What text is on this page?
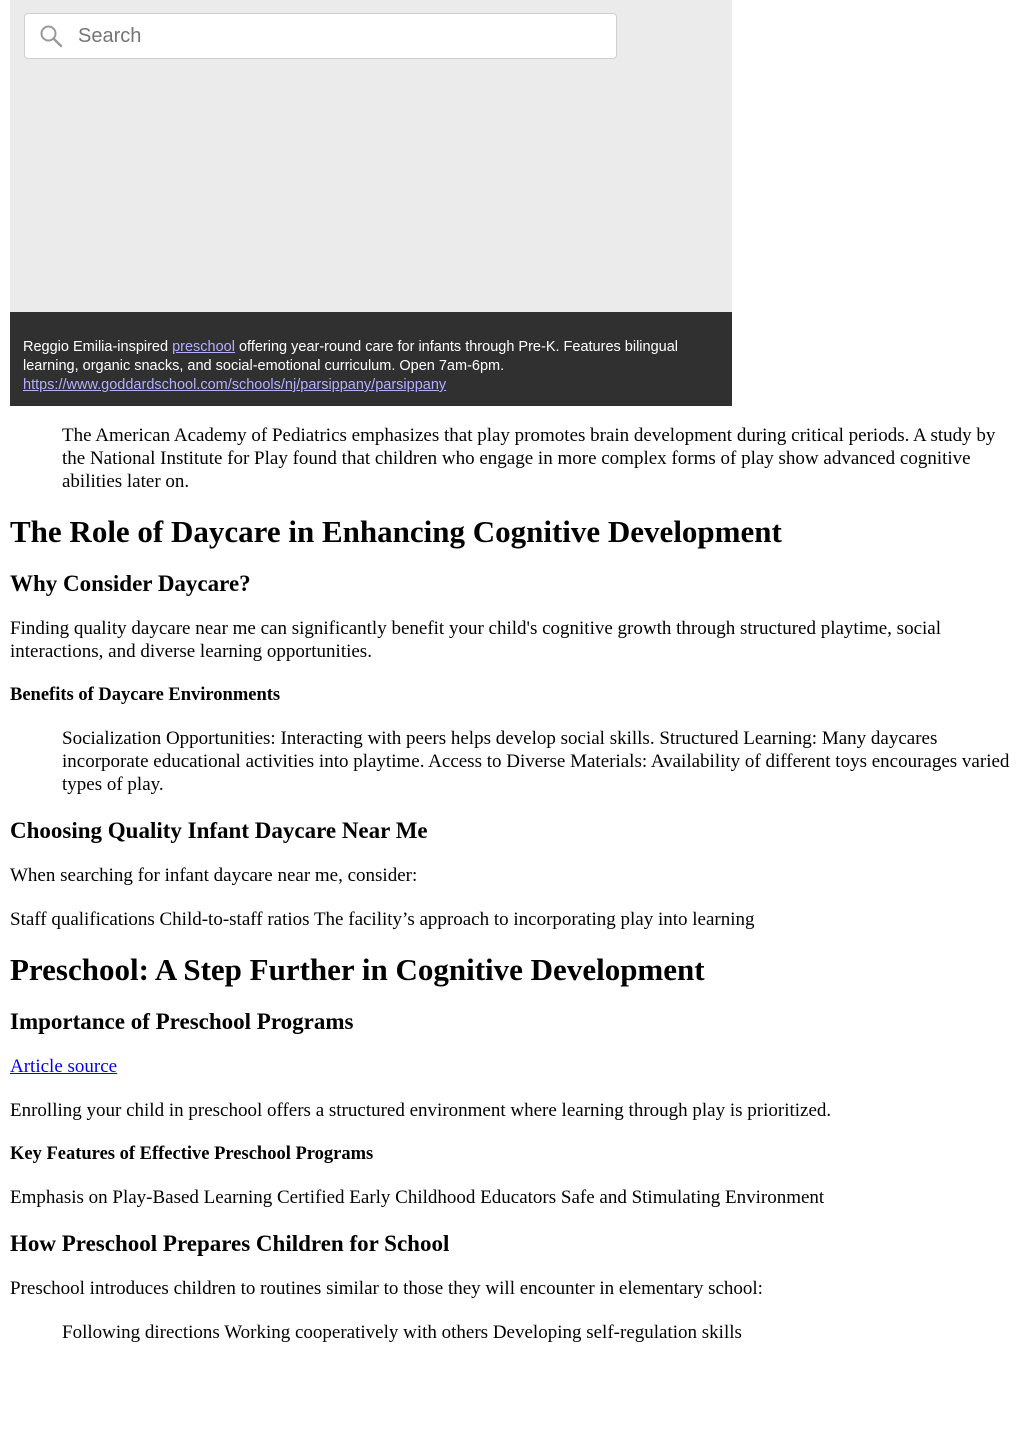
Search
Reggio Emilia-inspired preschool offering year-round care for infants through Pre-K. Features bilingual learning, organic snacks, and social-emotional curriculum. Open 7am-6pm.
https://www.goddardschool.com/schools/nj/parsippany/parsippany
The American Academy of Pediatrics emphasizes that play promotes brain development during critical periods. A study by the National Institute for Play found that children who engage in more complex forms of play show advanced cognitive abilities later on.
The Role of Daycare in Enhancing Cognitive Development
Why Consider Daycare?

Finding quality daycare near me can significantly benefit your child's cognitive growth through structured playtime, social interactions, and diverse learning opportunities.

Benefits of Daycare Environments
Socialization Opportunities: Interacting with peers helps develop social skills. Structured Learning: Many daycares incorporate educational activities into playtime. Access to Diverse Materials: Availability of different toys encourages varied types of play.
Choosing Quality Infant Daycare Near Me

When searching for infant daycare near me, consider:

Staff qualifications Child-to-staff ratios The facility’s approach to incorporating play into learning

Preschool: A Step Further in Cognitive Development
Importance of Preschool Programs

Article source

Enrolling your child in preschool offers a structured environment where learning through play is prioritized.

Key Features of Effective Preschool Programs

Emphasis on Play-Based Learning Certified Early Childhood Educators Safe and Stimulating Environment

How Preschool Prepares Children for School

Preschool introduces children to routines similar to those they will encounter in elementary school:

Following directions Working cooperatively with others Developing self-regulation skills
